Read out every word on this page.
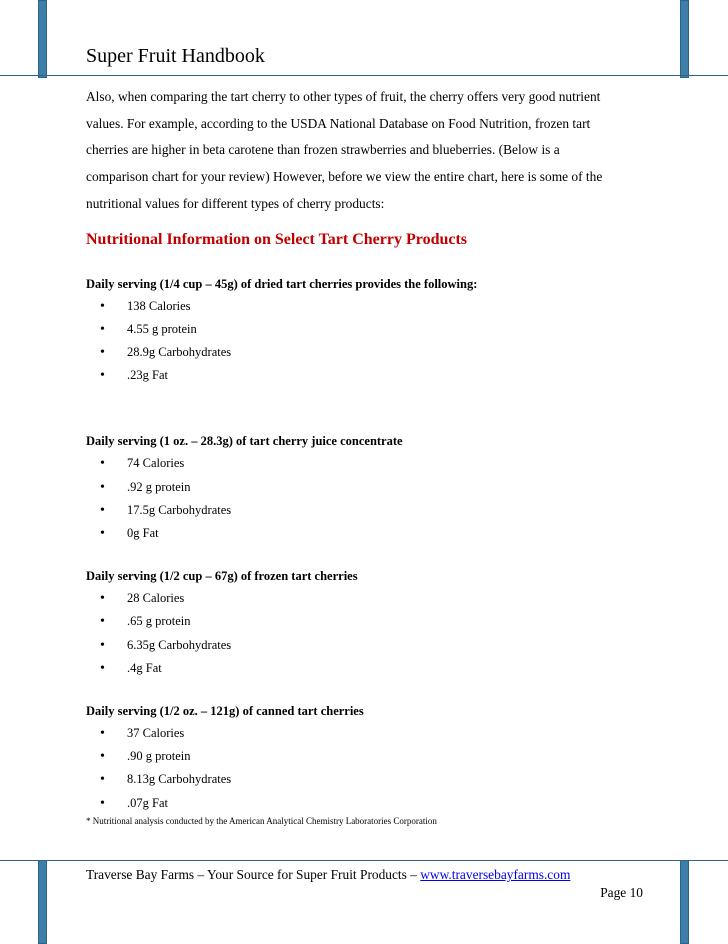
Super Fruit Handbook

Also, when comparing the tart cherry to other types of fruit, the cherry offers very good nutrient
values. For example, according to the USDA National Database on Food Nutrition, frozen tart
cherries are higher in beta carotene than frozen strawberries and blueberries. (Below is a
comparison chart for your review) However, before we view the entire chart, here is some of the
nutritional values for different types of cherry products:

Nutritional Information on Select Tart Cherry Products

Daily serving (1/4 cup – 45g) of dried tart cherries provides the following:

• 138 Calories
• 4.55 g protein
• 28.9g Carbohydrates
• .23g Fat

Daily serving (1 oz. – 28.3g) of tart cherry juice concentrate

• 74 Calories
• .92 g protein
• 17.5g Carbohydrates
• 0g Fat

Daily serving (1/2 cup – 67g) of frozen tart cherries

• 28 Calories
• .65 g protein
• 6.35g Carbohydrates
• .4g Fat

Daily serving (1/2 oz. – 121g) of canned tart cherries

• 37 Calories
• .90 g protein
• 8.13g Carbohydrates
• .07g Fat

* Nutritional analysis conducted by the American Analytical Chemistry Laboratories Corporation

Traverse Bay Farms – Your Source for Super Fruit Products – www.traversebayfarms.com
Page 10
